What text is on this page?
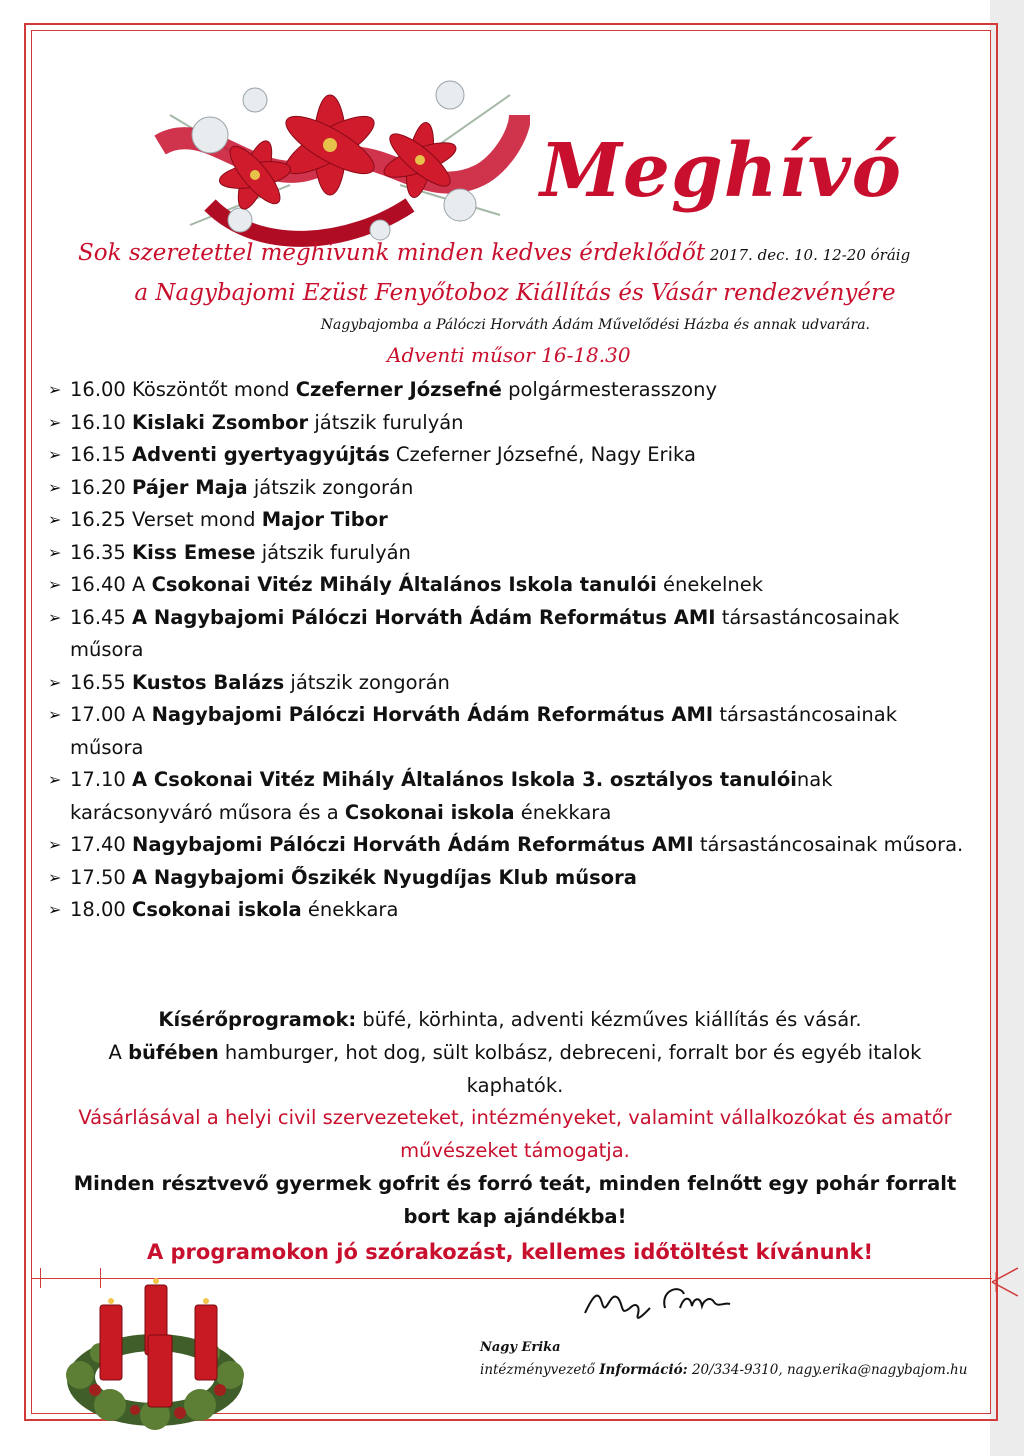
Meghívó
Sok szeretettel meghívunk minden kedves érdeklődőt 2017. dec. 10. 12-20 óráig
a Nagybajomi Ezüst Fenyőtoboz Kiállítás és Vásár rendezvényére
Nagybajomba a Pálóczi Horváth Ádám Művelődési Házba és annak udvarára.
Adventi műsor 16-18.30
➢ 16.00 Köszöntőt mond Czeferner Józsefné polgármesterasszony
➢ 16.10 Kislaki Zsombor játszik furulyán
➢ 16.15 Adventi gyertyagyújtás Czeferner Józsefné, Nagy Erika
➢ 16.20 Pájer Maja játszik zongorán
➢ 16.25 Verset mond Major Tibor
➢ 16.35 Kiss Emese játszik furulyán
➢ 16.40 A Csokonai Vitéz Mihály Általános Iskola tanulói énekelnek
➢ 16.45 A Nagybajomi Pálóczi Horváth Ádám Református AMI társastáncosainak műsora
➢ 16.55 Kustos Balázs játszik zongorán
➢ 17.00 A Nagybajomi Pálóczi Horváth Ádám Református AMI társastáncosainak műsora
➢ 17.10 A Csokonai Vitéz Mihály Általános Iskola 3. osztályos tanulóinak karácsonyváró műsora és a Csokonai iskola énekkara
➢ 17.40 Nagybajomi Pálóczi Horváth Ádám Református AMI társastáncosainak műsora.
➢ 17.50 A Nagybajomi Őszikék Nyugdíjas Klub műsora
➢ 18.00 Csokonai iskola énekkara
Kísérőprogramok: büfé, körhinta, adventi kézműves kiállítás és vásár.
A büfében hamburger, hot dog, sült kolbász, debreceni, forralt bor és egyéb italok kaphatók.
Vásárlásával a helyi civil szervezeteket, intézményeket, valamint vállalkozókat és amatőr művészeket támogatja.
Minden résztvevő gyermek gofrit és forró teát, minden felnőtt egy pohár forralt bort kap ajándékba!
A programokon jó szórakozást, kellemes időtöltést kívánunk!
Nagy Erika
intézményvezető Információ: 20/334-9310, nagy.erika@nagybajom.hu
